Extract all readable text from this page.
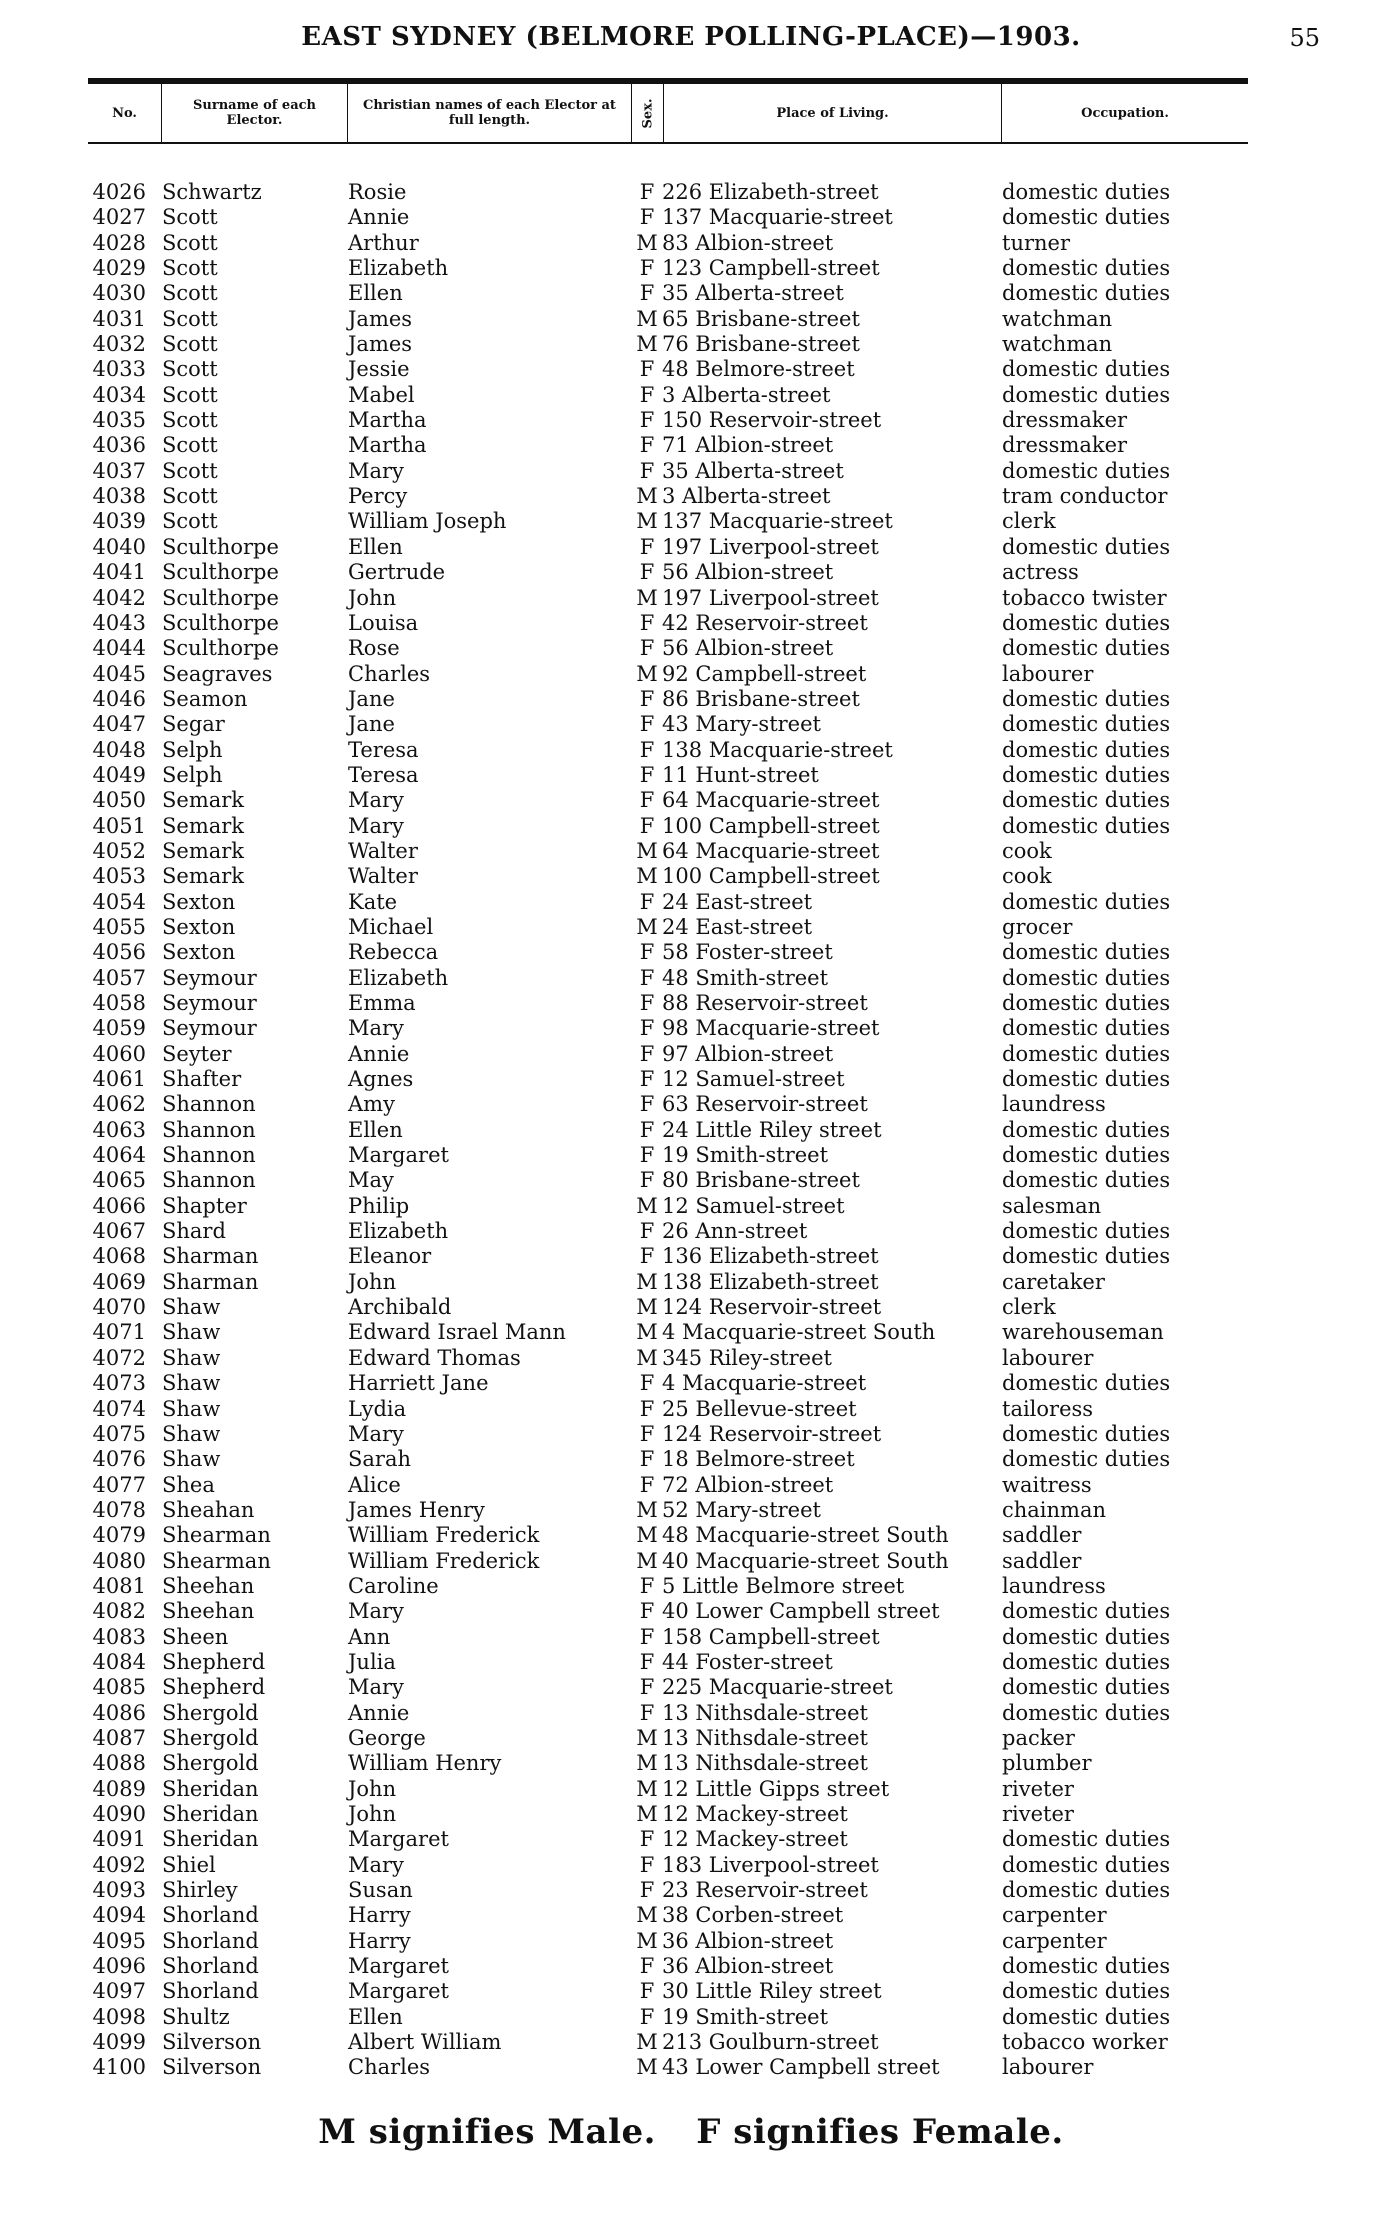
EAST SYDNEY (BELMORE POLLING-PLACE)—1903.	55
No.	Surname of each Elector.
Christian names of each Elector at full length.	Sex.	Place of Living.	Occupation.
4026 Schwartz	Rosie	F 226 Elizabeth-street	domestic duties
4027 Scott	Annie	F 137 Macquarie-street	domestic duties
4028 Scott	Arthur	M 83 Albion-street	turner
4029 Scott	Elizabeth	F 123 Campbell-street	domestic duties
4030 Scott	Ellen	F 35 Alberta-street	domestic duties
4031 Scott	James	M 65 Brisbane-street	watchman
4032 Scott	James	M 76 Brisbane-street	watchman
4033 Scott	Jessie	F 48 Belmore-street	domestic duties
4034 Scott	Mabel	F 3 Alberta-street	domestic duties
4035 Scott	Martha	F 150 Reservoir-street	dressmaker
4036 Scott	Martha	F 71 Albion-street	dressmaker
4037 Scott	Mary	F 35 Alberta-street	domestic duties
4038 Scott	Percy	M 3 Alberta-street	tram conductor
4039 Scott	William Joseph	M 137 Macquarie-street	clerk
4040 Sculthorpe	Ellen	F 197 Liverpool-street	domestic duties
4041 Sculthorpe	Gertrude	F 56 Albion-street	actress
4042 Sculthorpe	John	M 197 Liverpool-street	tobacco twister
4043 Sculthorpe	Louisa	F 42 Reservoir-street	domestic duties
4044 Sculthorpe	Rose	F 56 Albion-street	domestic duties
4045 Seagraves	Charles	M 92 Campbell-street	labourer
4046 Seamon	Jane	F 86 Brisbane-street	domestic duties
4047 Segar	Jane	F 43 Mary-street	domestic duties
4048 Selph	Teresa	F 138 Macquarie-street	domestic duties
4049 Selph	Teresa	F 11 Hunt-street	domestic duties
4050 Semark	Mary	F 64 Macquarie-street	domestic duties
4051 Semark	Mary	F 100 Campbell-street	domestic duties
4052 Semark	Walter	M 64 Macquarie-street	cook
4053 Semark	Walter	M 100 Campbell-street	cook
4054 Sexton	Kate	F 24 East-street	domestic duties
4055 Sexton	Michael	M 24 East-street	grocer
4056 Sexton	Rebecca	F 58 Foster-street	domestic duties
4057 Seymour	Elizabeth	F 48 Smith-street	domestic duties
4058 Seymour	Emma	F 88 Reservoir-street	domestic duties
4059 Seymour	Mary	F 98 Macquarie-street	domestic duties
4060 Seyter	Annie	F 97 Albion-street	domestic duties
4061 Shafter	Agnes	F 12 Samuel-street	domestic duties
4062 Shannon	Amy	F 63 Reservoir-street	laundress
4063 Shannon	Ellen	F 24 Little Riley street	domestic duties
4064 Shannon	Margaret	F 19 Smith-street	domestic duties
4065 Shannon	May	F 80 Brisbane-street	domestic duties
4066 Shapter	Philip	M 12 Samuel-street	salesman
4067 Shard	Elizabeth	F 26 Ann-street	domestic duties
4068 Sharman	Eleanor	F 136 Elizabeth-street	domestic duties
4069 Sharman	John	M 138 Elizabeth-street	caretaker
4070 Shaw	Archibald	M 124 Reservoir-street	clerk
4071 Shaw	Edward Israel Mann	M 4 Macquarie-street South	warehouseman
4072 Shaw	Edward Thomas	M 345 Riley-street	labourer
4073 Shaw	Harriett Jane	F 4 Macquarie-street	domestic duties
4074 Shaw	Lydia	F 25 Bellevue-street	tailoress
4075 Shaw	Mary	F 124 Reservoir-street	domestic duties
4076 Shaw	Sarah	F 18 Belmore-street	domestic duties
4077 Shea	Alice	F 72 Albion-street	waitress
4078 Sheahan	James Henry	M 52 Mary-street	chainman
4079 Shearman	William Frederick	M 48 Macquarie-street South	saddler
4080 Shearman	William Frederick	M 40 Macquarie-street South	saddler
4081 Sheehan	Caroline	F 5 Little Belmore street	laundress
4082 Sheehan	Mary	F 40 Lower Campbell street	domestic duties
4083 Sheen	Ann	F 158 Campbell-street	domestic duties
4084 Shepherd	Julia	F 44 Foster-street	domestic duties
4085 Shepherd	Mary	F 225 Macquarie-street	domestic duties
4086 Shergold	Annie	F 13 Nithsdale-street	domestic duties
4087 Shergold	George	M 13 Nithsdale-street	packer
4088 Shergold	William Henry	M 13 Nithsdale-street	plumber
4089 Sheridan	John	M 12 Little Gipps street	riveter
4090 Sheridan	John	M 12 Mackey-street	riveter
4091 Sheridan	Margaret	F 12 Mackey-street	domestic duties
4092 Shiel	Mary	F 183 Liverpool-street	domestic duties
4093 Shirley	Susan	F 23 Reservoir-street	domestic duties
4094 Shorland	Harry	M 38 Corben-street	carpenter
4095 Shorland	Harry	M 36 Albion-street	carpenter
4096 Shorland	Margaret	F 36 Albion-street	domestic duties
4097 Shorland	Margaret	F 30 Little Riley street	domestic duties
4098 Shultz	Ellen	F 19 Smith-street	domestic duties
4099 Silverson	Albert William	M 213 Goulburn-street	tobacco worker
4100 Silverson	Charles	M 43 Lower Campbell street	labourer
M signifies Male. F signifies Female.
